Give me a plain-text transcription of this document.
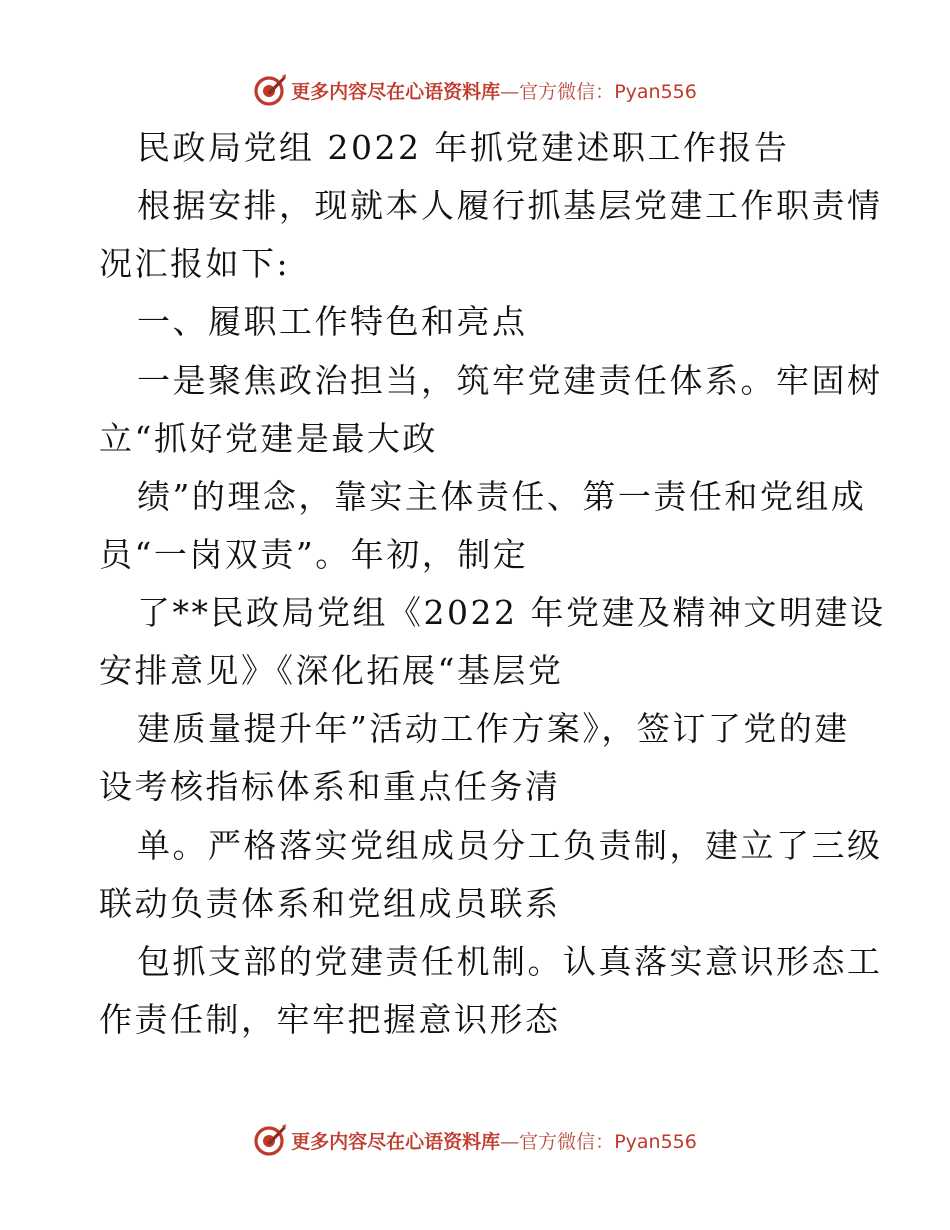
更多内容尽在心语资料库—官方微信：Pyan556
民政局党组 2022 年抓党建述职工作报告
根据安排，现就本人履行抓基层党建工作职责情
况汇报如下:
一、履职工作特色和亮点
一是聚焦政治担当，筑牢党建责任体系。牢固树
立“抓好党建是最大政
绩”的理念，靠实主体责任、第一责任和党组成
员“一岗双责”。年初，制定
了**民政局党组《2022 年党建及精神文明建设
安排意见》《深化拓展“基层党
建质量提升年”活动工作方案》，签订了党的建
设考核指标体系和重点任务清
单。严格落实党组成员分工负责制，建立了三级
联动负责体系和党组成员联系
包抓支部的党建责任机制。认真落实意识形态工
作责任制，牢牢把握意识形态
更多内容尽在心语资料库—官方微信：Pyan556
